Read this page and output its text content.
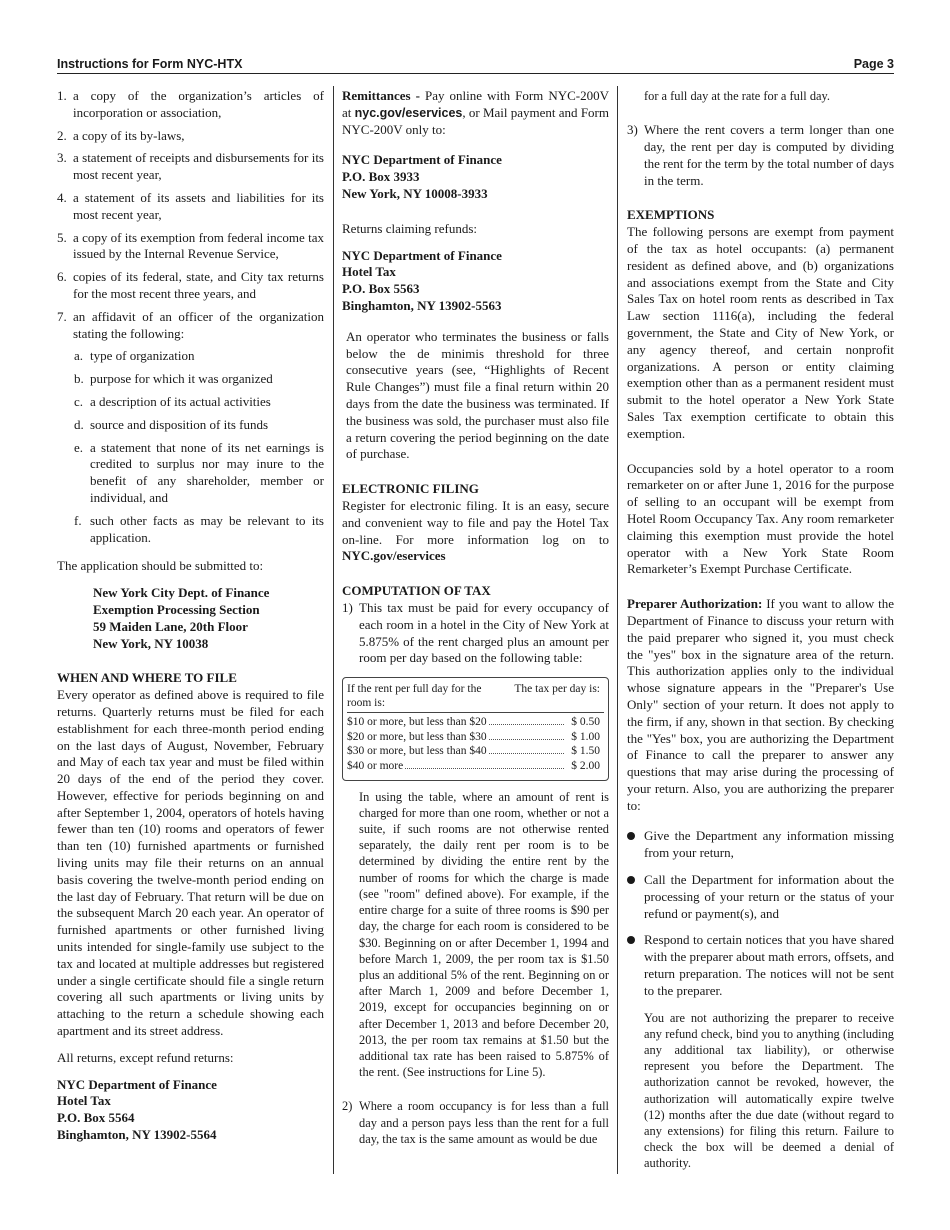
Instructions for Form NYC-HTX	Page 3
1. a copy of the organization’s articles of incorporation or association,
2. a copy of its by-laws,
3. a statement of receipts and disbursements for its most recent year,
4. a statement of its assets and liabilities for its most recent year,
5. a copy of its exemption from federal income tax issued by the Internal Revenue Service,
6. copies of its federal, state, and City tax returns for the most recent three years, and
7. an affidavit of an officer of the organization stating the following:
a. type of organization
b. purpose for which it was organized
c. a description of its actual activities
d. source and disposition of its funds
e. a statement that none of its net earnings is credited to surplus nor may inure to the benefit of any shareholder, member or individual, and
f. such other facts as may be relevant to its application.

The application should be submitted to:

New York City Dept. of Finance
Exemption Processing Section
59 Maiden Lane, 20th Floor
New York, NY 10038
WHEN AND WHERE TO FILE

Every operator as defined above is required to file returns. Quarterly returns must be filed for each establishment for each three-month period ending on the last days of August, November, February and May of each tax year and must be filed within 20 days of the end of the period they cover. However, effective for periods beginning on and after September 1, 2004, operators of hotels having fewer than ten (10) rooms and operators of fewer than ten (10) furnished apartments or furnished living units may file their returns on an annual basis covering the twelve-month period ending on the last day of February. That return will be due on the subsequent March 20 each year. An operator of furnished apartments or other furnished living units intended for single-family use subject to the tax and located at multiple addresses but registered under a single certificate should file a single return covering all such apartments or living units by attaching to the return a schedule showing each apartment and its street address.

All returns, except refund returns:

NYC Department of Finance
Hotel Tax
P.O. Box 5564
Binghamton, NY 13902-5564

Remittances - Pay online with Form NYC-200V at nyc.gov/eservices, or Mail payment and Form NYC-200V only to:

NYC Department of Finance
P.O. Box 3933
New York, NY 10008-3933

Returns claiming refunds:

NYC Department of Finance
Hotel Tax
P.O. Box 5563
Binghamton, NY 13902-5563

An operator who terminates the business or falls below the de minimis threshold for three consecutive years (see, “Highlights of Recent Rule Changes”) must file a final return within 20 days from the date the business was terminated. If the business was sold, the purchaser must also file a return covering the period beginning on the date of purchase.

ELECTRONIC FILING

Register for electronic filing. It is an easy, secure and convenient way to file and pay the Hotel Tax on-line. For more information log on to NYC.gov/eservices

COMPUTATION OF TAX
1) This tax must be paid for every occupancy of each room in a hotel in the City of New York at 5.875% of the rent charged plus an amount per room per day based on the following table:
If the rent per full day for the room is:
The tax per day is:
$10 or more, but less than $20	$ 0.50
$20 or more, but less than $30	$ 1.00
$30 or more, but less than $40	$ 1.50
$40 or more	$ 2.00

In using the table, where an amount of rent is charged for more than one room, whether or not a suite, if such rooms are not otherwise rented separately, the daily rent per room is to be determined by dividing the entire rent by the number of rooms for which the charge is made (see "room" defined above). For example, if the entire charge for a suite of three rooms is $90 per day, the charge for each room is considered to be $30. Beginning on or after December 1, 1994 and before March 1, 2009, the per room tax is $1.50 plus an additional 5% of the rent. Beginning on or after March 1, 2009 and before December 1, 2019, except for occupancies beginning on or after December 1, 2013 and before December 20, 2013, the per room tax remains at $1.50 but the additional tax rate has been raised to 5.875% of the rent. (See instructions for Line 5).

2) Where a room occupancy is for less than a full day and a person pays less than the rent for a full day, the tax is the same amount as would be due

for a full day at the rate for a full day.

3) Where the rent covers a term longer than one day, the rent per day is computed by dividing the rent for the term by the total number of days in the term.
EXEMPTIONS

The following persons are exempt from payment of the tax as hotel occupants: (a) permanent resident as defined above, and (b) organizations and associations exempt from the State and City Sales Tax on hotel room rents as described in Tax Law section 1116(a), including the federal government, the State and City of New York, or any agency thereof, and certain nonprofit organizations. A person or entity claiming exemption other than as a permanent resident must submit to the hotel operator a New York State Sales Tax exemption certificate to obtain this exemption.

Occupancies sold by a hotel operator to a room remarketer on or after June 1, 2016 for the purpose of selling to an occupant will be exempt from Hotel Room Occupancy Tax. Any room remarketer claiming this exemption must provide the hotel operator with a New York State Room Remarketer’s Exempt Purchase Certificate.

Preparer Authorization: If you want to allow the Department of Finance to discuss your return with the paid preparer who signed it, you must check the "yes" box in the signature area of the return. This authorization applies only to the individual whose signature appears in the "Preparer's Use Only" section of your return. It does not apply to the firm, if any, shown in that section. By checking the "Yes" box, you are authorizing the Department of Finance to call the preparer to answer any questions that may arise during the processing of your return. Also, you are authorizing the preparer to:

Give the Department any information missing from your return,
Call the Department for information about the processing of your return or the status of your refund or payment(s), and
Respond to certain notices that you have shared with the preparer about math errors, offsets, and return preparation. The notices will not be sent to the preparer.

You are not authorizing the preparer to receive any refund check, bind you to anything (including any additional tax liability), or otherwise represent you before the Department. The authorization cannot be revoked, however, the authorization will automatically expire twelve (12) months after the due date (without regard to any extensions) for filing this return. Failure to check the box will be deemed a denial of authority.
